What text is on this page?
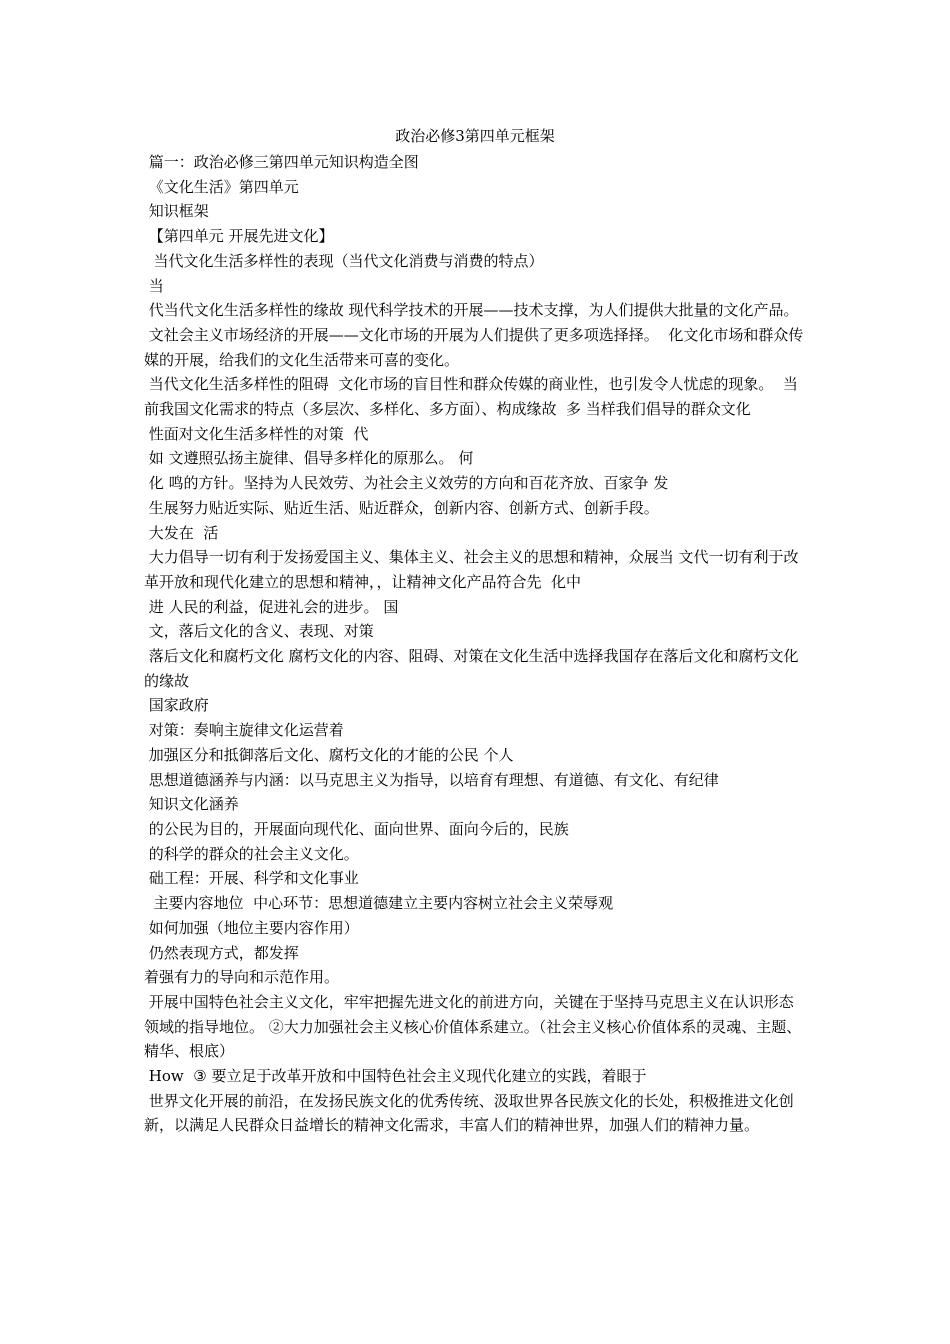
政治必修3第四单元框架

篇一：政治必修三第四单元知识构造全图

《文化生活》第四单元

知识框架

【第四单元 开展先进文化】

当代文化生活多样性的表现（当代文化消费与消费的特点）

当

代当代文化生活多样性的缘故 现代科学技术的开展——技术支撑，为人们提供大批量的文化产品。

文社会主义市场经济的开展——文化市场的开展为人们提供了更多项选择择。  化文化市场和群众传媒的开展，给我们的文化生活带来可喜的变化。

当代文化生活多样性的阻碍  文化市场的盲目性和群众传媒的商业性，也引发令人忧虑的现象。  当前我国文化需求的特点（多层次、多样化、多方面）、构成缘故  多 当样我们倡导的群众文化

性面对文化生活多样性的对策  代

如 文遵照弘扬主旋律、倡导多样化的原那么。 何

化 鸣的方针。坚持为人民效劳、为社会主义效劳的方向和百花齐放、百家争 发

生展努力贴近实际、贴近生活、贴近群众，创新内容、创新方式、创新手段。

大发在  活

大力倡导一切有利于发扬爱国主义、集体主义、社会主义的思想和精神，众展当 文代一切有利于改革开放和现代化建立的思想和精神，，让精神文化产品符合先  化中

进 人民的利益，促进礼会的进步。 国

文，落后文化的含义、表现、对策

落后文化和腐朽文化 腐朽文化的内容、阻碍、对策在文化生活中选择我国存在落后文化和腐朽文化的缘故

国家政府

对策：奏响主旋律文化运营着

加强区分和抵御落后文化、腐朽文化的才能的公民 个人

思想道德涵养与内涵：以马克思主义为指导，以培育有理想、有道德、有文化、有纪律

知识文化涵养

的公民为目的，开展面向现代化、面向世界、面向今后的，民族

的科学的群众的社会主义文化。

础工程：开展、科学和文化事业

主要内容地位  中心环节：思想道德建立主要内容树立社会主义荣辱观

如何加强（地位主要内容作用）

仍然表现方式，都发挥

着强有力的导向和示范作用。

开展中国特色社会主义文化，牢牢把握先进文化的前进方向，关键在于坚持马克思主义在认识形态领域的指导地位。 ②大力加强社会主义核心价值体系建立。（社会主义核心价值体系的灵魂、主题、精华、根底）

How  ③ 要立足于改革开放和中国特色社会主义现代化建立的实践，着眼于

世界文化开展的前沿，在发扬民族文化的优秀传统、汲取世界各民族文化的长处，积极推进文化创新，以满足人民群众日益增长的精神文化需求，丰富人们的精神世界，加强人们的精神力量。
